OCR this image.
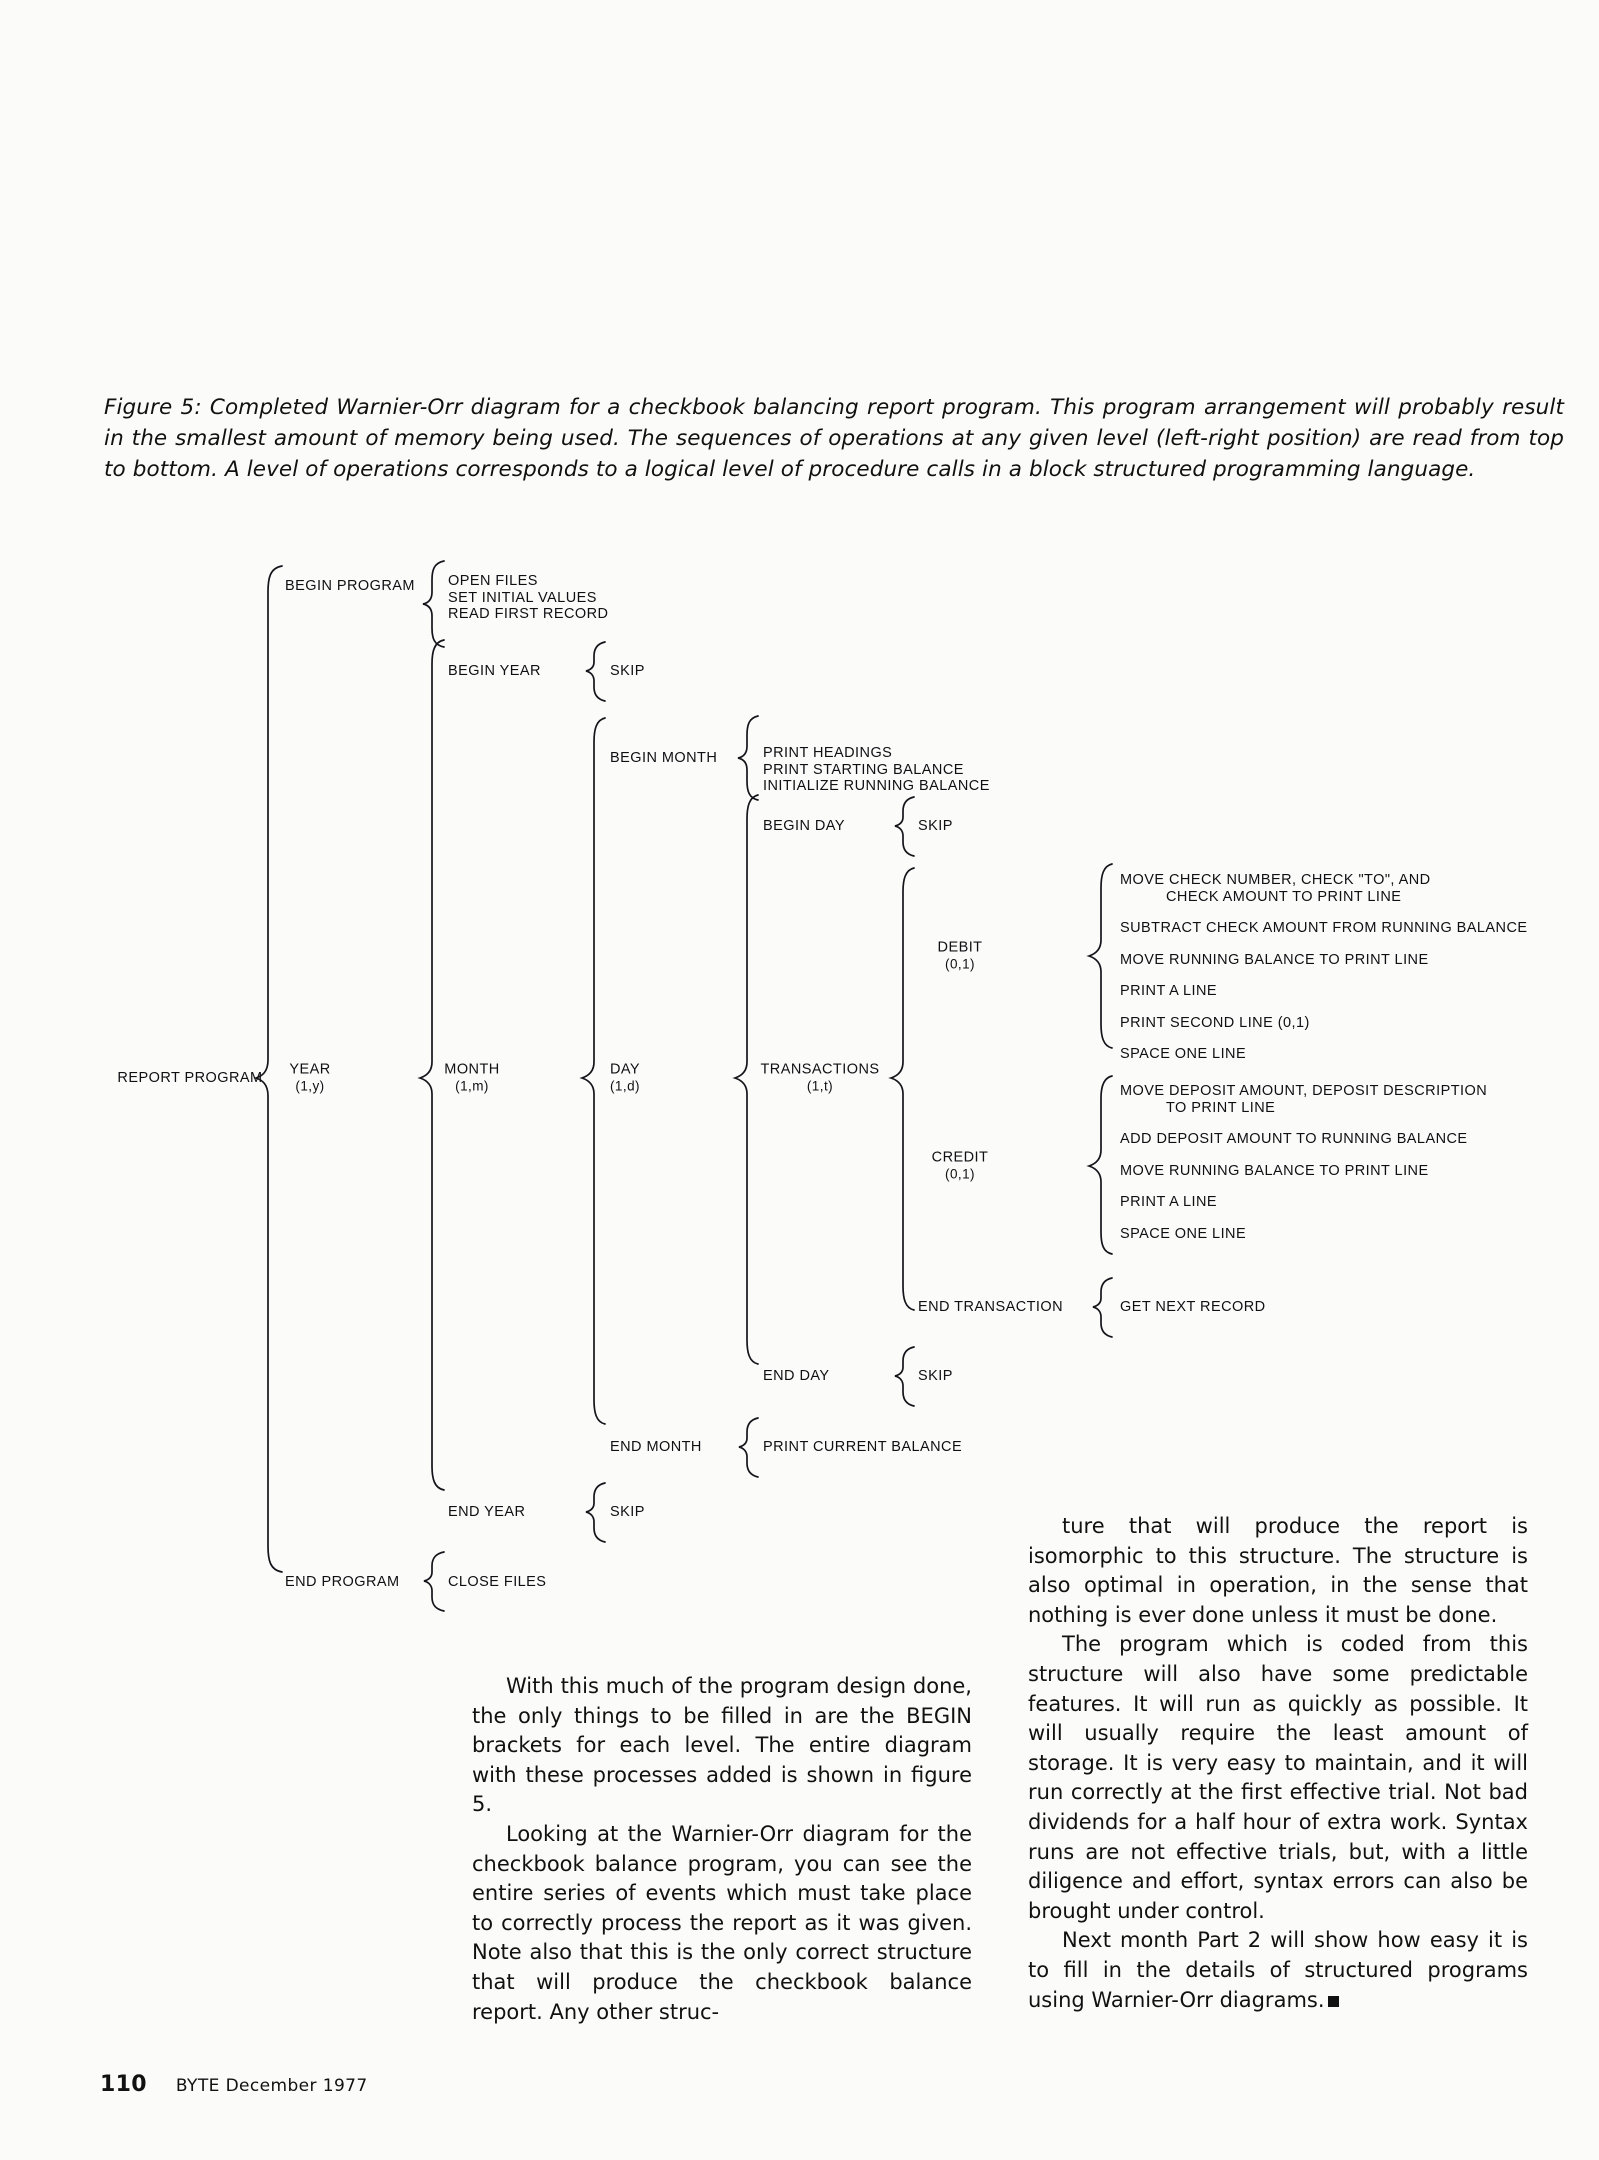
Figure 5: Completed Warnier-Orr diagram for a checkbook balancing report program. This program arrangement will probably result in the smallest amount of memory being used. The sequences of operations at any given level (left-right position) are read from top to bottom. A level of operations corresponds to a logical level of procedure calls in a block structured programming language.
REPORT PROGRAM
BEGIN PROGRAM OPEN FILES
SET INITIAL VALUES
READ FIRST RECORD
YEAR
(1,y)
END PROGRAM	CLOSE FILES
BEGIN YEAR	SKIP
MONTH
(1,m)
END YEAR	SKIP
BEGIN MONTH	PRINT HEADINGS
PRINT STARTING BALANCE
INITIALIZE RUNNING BALANCE
DAY
(1,d)
END MONTH	PRINT CURRENT BALANCE
BEGIN DAY	SKIP
TRANSACTIONS
(1,t)
END DAY	SKIP
DEBIT
(0,1)
MOVE CHECK NUMBER, CHECK "TO", AND
CHECK AMOUNT TO PRINT LINE
SUBTRACT CHECK AMOUNT FROM RUNNING BALANCE
MOVE RUNNING BALANCE TO PRINT LINE
PRINT A LINE
PRINT SECOND LINE (0,1)
SPACE ONE LINE
CREDIT
(0,1)
MOVE DEPOSIT AMOUNT, DEPOSIT DESCRIPTION
TO PRINT LINE
ADD DEPOSIT AMOUNT TO RUNNING BALANCE
MOVE RUNNING BALANCE TO PRINT LINE
PRINT A LINE
SPACE ONE LINE
END TRANSACTION	GET NEXT RECORD

With this much of the program design done, the only things to be filled in are the BEGIN brackets for each level. The entire diagram with these processes added is shown in figure 5.

Looking at the Warnier-Orr diagram for the checkbook balance program, you can see the entire series of events which must take place to correctly process the report as it was given. Note also that this is the only correct structure that will produce the checkbook balance report. Any other struc-

ture that will produce the report is isomorphic to this structure. The structure is also optimal in operation, in the sense that nothing is ever done unless it must be done.

The program which is coded from this structure will also have some predictable features. It will run as quickly as possible. It will usually require the least amount of storage. It is very easy to maintain, and it will run correctly at the first effective trial. Not bad dividends for a half hour of extra work. Syntax runs are not effective trials, but, with a little diligence and effort, syntax errors can also be brought under control.

Next month Part 2 will show how easy it is to fill in the details of structured programs using Warnier-Orr diagrams.

110 BYTE December 1977
